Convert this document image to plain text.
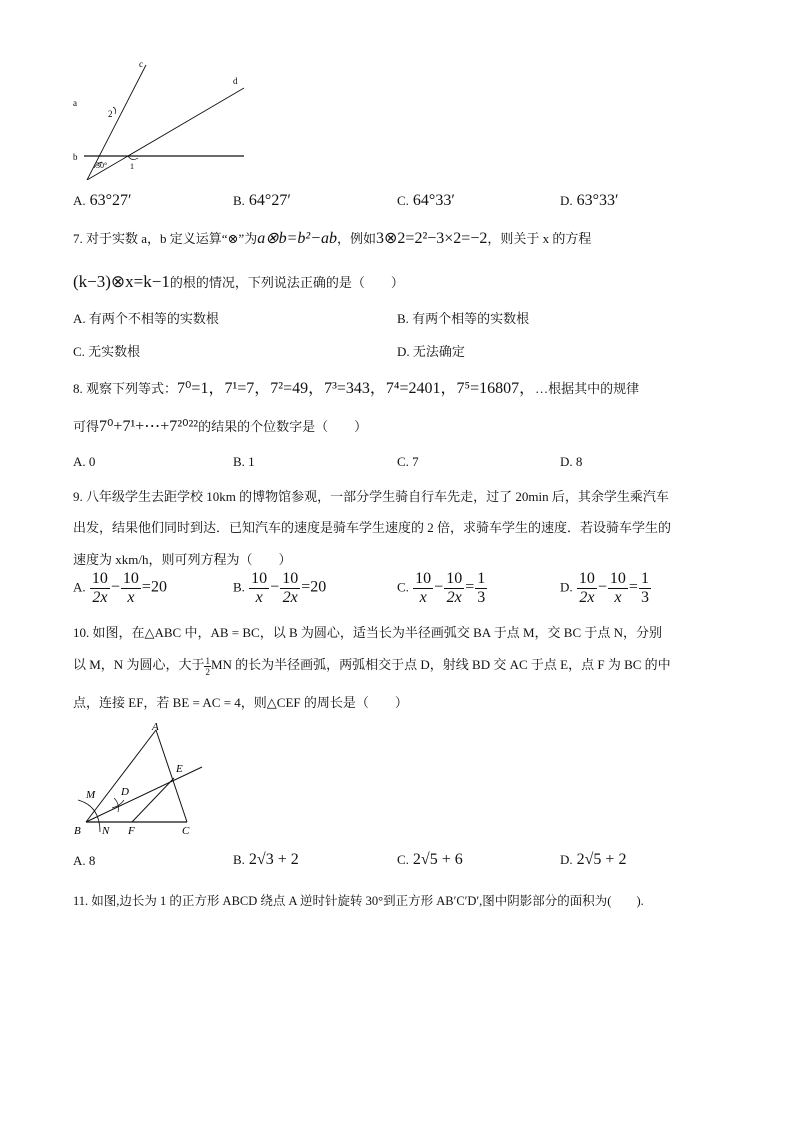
c
d
a
b
2
30°	1
A. 63°27′	B. 64°27′	C. 64°33′	D. 63°33′
7. 对于实数 a，b 定义运算“⊗”为a⊗b=b²−ab，例如3⊗2=2²−3×2=−2，则关于 x 的方程
(k−3)⊗x=k−1的根的情况，下列说法正确的是（　　）
A. 有两个不相等的实数根	B. 有两个相等的实数根
C. 无实数根	D. 无法确定
8. 观察下列等式：7⁰=1，7¹=7，7²=49，7³=343，7⁴=2401，7⁵=16807，…根据其中的规律
可得7⁰+7¹+⋯+7²⁰²²的结果的个位数字是（　　）
A. 0	B. 1	C. 7	D. 8
9. 八年级学生去距学校 10km 的博物馆参观，一部分学生骑自行车先走，过了 20min 后，其余学生乘汽车
出发，结果他们同时到达．已知汽车的速度是骑车学生速度的 2 倍，求骑车学生的速度．若设骑车学生的
速度为 xkm/h，则可列方程为（　　）
A. $\frac{10}{2x} - \frac{10}{x} =20$	B. $\frac{10}{x} - \frac{10}{2x} =20$	C. $\frac{10}{x} - \frac{10}{2x} = \frac{1}{3}$	D. $\frac{10}{2x} - \frac{10}{x} = \frac{1}{3}$
10. 如图，在△ABC 中，AB = BC，以 B 为圆心，适当长为半径画弧交 BA 于点 M，交 BC 于点 N，分别
以 M，N 为圆心，大于 $\frac{1}{2}$ MN 的长为半径画弧，两弧相交于点 D，射线 BD 交 AC 于点 E，点 F 为 BC 的中
点，连接 EF，若 BE = AC = 4，则△CEF 的周长是（　　）
A
E
M D
B N F	C
A. 8	B. 2√3 + 2	C. 2√5 + 6	D. 2√5 + 2
11. 如图,边长为 1 的正方形 ABCD 绕点 A 逆时针旋转 30°到正方形 AB′C′D′,图中阴影部分的面积为(　　).
